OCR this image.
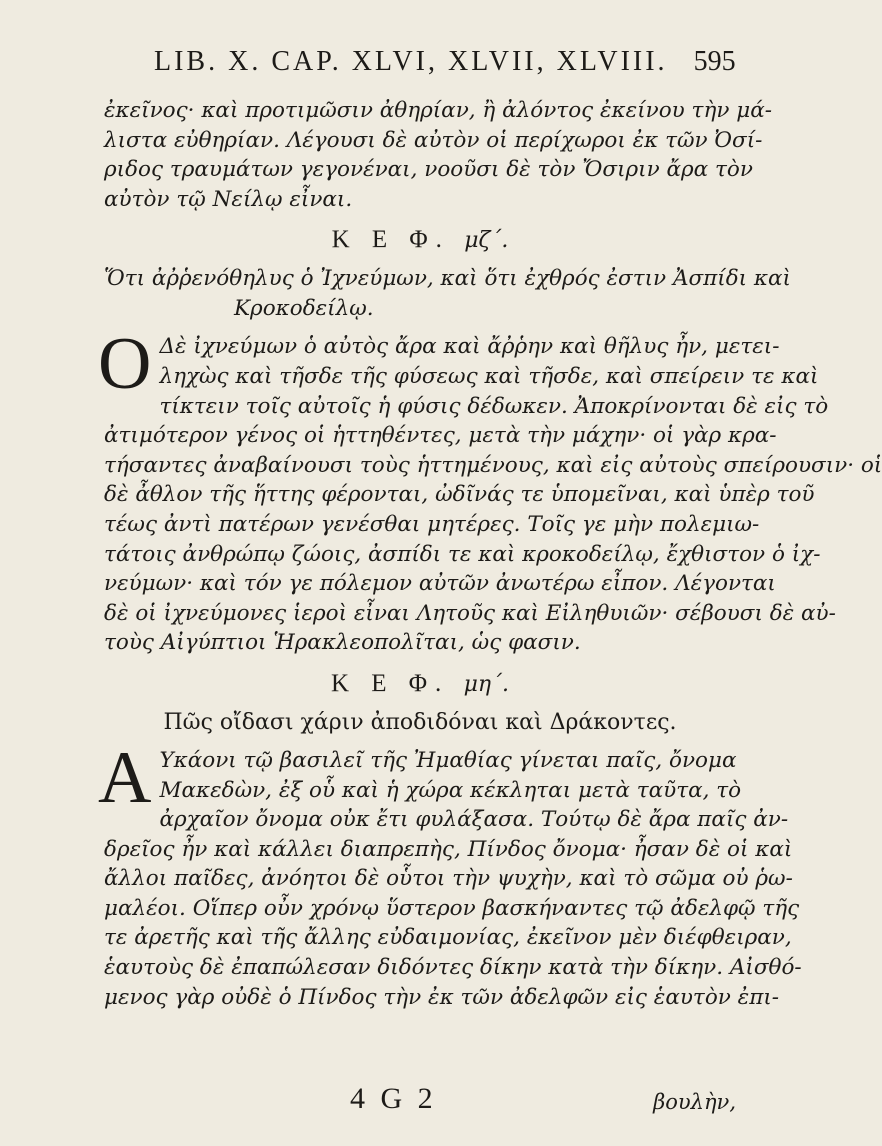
LIB. X. CAP. XLVI, XLVII, XLVIII. 595
ἐκεῖνος· καὶ προτιμῶσιν ἀθηρίαν, ἢ ἀλόντος ἐκείνου τὴν μά-
λιστα εὐθηρίαν. Λέγουσι δὲ αὐτὸν οἱ περίχωροι ἐκ τῶν Ὀσί-
ριδος τραυμάτων γεγονέναι, νοοῦσι δὲ τὸν Ὄσιριν ἄρα τὸν
αὐτὸν τῷ Νείλῳ εἶναι.
Κ Ε Φ. μζ΄.
Ὅτι ἀῤῥενόθηλυς ὁ Ἰχνεύμων, καὶ ὅτι ἐχθρός ἐστιν Ἀσπίδι καὶ
Κροκοδείλῳ.
Ο Δὲ ἰχνεύμων ὁ αὐτὸς ἄρα καὶ ἄῤῥην καὶ θῆλυς ἦν, μετει-
ληχὼς καὶ τῆσδε τῆς φύσεως καὶ τῆσδε, καὶ σπείρειν τε καὶ
τίκτειν τοῖς αὐτοῖς ἡ φύσις δέδωκεν. Ἀποκρίνονται δὲ εἰς τὸ
ἀτιμότερον γένος οἱ ἡττηθέντες, μετὰ τὴν μάχην· οἱ γὰρ κρα-
τήσαντες ἀναβαίνουσι τοὺς ἡττημένους, καὶ εἰς αὐτοὺς σπείρουσιν· οἱ
δὲ ἆθλον τῆς ἥττης φέρονται, ὠδῖνάς τε ὑπομεῖναι, καὶ ὑπὲρ τοῦ
τέως ἀντὶ πατέρων γενέσθαι μητέρες. Τοῖς γε μὴν πολεμιω-
τάτοις ἀνθρώπῳ ζώοις, ἀσπίδι τε καὶ κροκοδείλῳ, ἔχθιστον ὁ ἰχ-
νεύμων· καὶ τόν γε πόλεμον αὐτῶν ἀνωτέρω εἶπον. Λέγονται
δὲ οἱ ἰχνεύμονες ἱεροὶ εἶναι Λητοῦς καὶ Εἰληθυιῶν· σέβουσι δὲ αὐ-
τοὺς Αἰγύπτιοι Ἡρακλεοπολῖται, ὡς φασιν.
Κ Ε Φ. μη΄.
Πῶς οἴδασι χάριν ἀποδιδόναι καὶ Δράκοντες.
Α Υκάονι τῷ βασιλεῖ τῆς Ἠμαθίας γίνεται παῖς, ὄνομα
Μακεδὼν, ἐξ οὗ καὶ ἡ χώρα κέκληται μετὰ ταῦτα, τὸ
ἀρχαῖον ὄνομα οὐκ ἔτι φυλάξασα. Τούτῳ δὲ ἄρα παῖς ἀν-
δρεῖος ἦν καὶ κάλλει διαπρεπὴς, Πίνδος ὄνομα· ἦσαν δὲ οἱ καὶ
ἄλλοι παῖδες, ἀνόητοι δὲ οὗτοι τὴν ψυχὴν, καὶ τὸ σῶμα οὐ ῥω-
μαλέοι. Οἵπερ οὖν χρόνῳ ὕστερον βασκήναντες τῷ ἀδελφῷ τῆς
τε ἀρετῆς καὶ τῆς ἄλλης εὐδαιμονίας, ἐκεῖνον μὲν διέφθειραν,
ἑαυτοὺς δὲ ἐπαπώλεσαν διδόντες δίκην κατὰ τὴν δίκην. Αἰσθό-
μενος γὰρ οὐδὲ ὁ Πίνδος τὴν ἐκ τῶν ἀδελφῶν εἰς ἑαυτὸν ἐπι-
4 G 2	βουλὴν,
